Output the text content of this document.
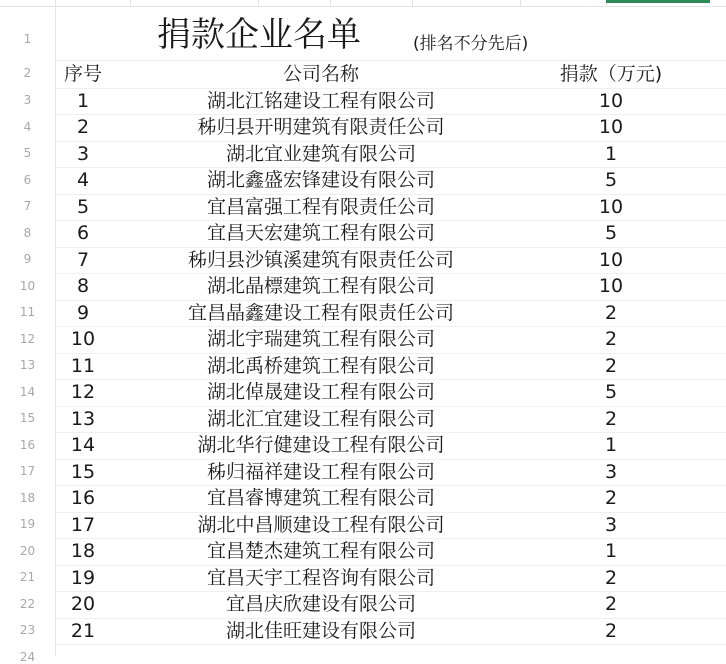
1
2
3
4
5
6
7
8
9
10
11
12
13
14
15
16
17
18
19
20
21
22
23
24
捐款企业名单	(排名不分先后)
序号	公司名称	捐款（万元)
1	湖北江铭建设工程有限公司	10
2	秭归县开明建筑有限责任公司	10
3	湖北宜业建筑有限公司	1
4	湖北鑫盛宏锋建设有限公司	5
5	宜昌富强工程有限责任公司	10
6	宜昌天宏建筑工程有限公司	5
7	秭归县沙镇溪建筑有限责任公司	10
8	湖北晶標建筑工程有限公司	10
9	宜昌晶鑫建设工程有限责任公司	2
10	湖北宇瑞建筑工程有限公司	2
11	湖北禹桥建筑工程有限公司	2
12	湖北倬晟建设工程有限公司	5
13	湖北汇宜建设工程有限公司	2
14	湖北华行健建设工程有限公司	1
15	秭归福祥建设工程有限公司	3
16	宜昌睿博建筑工程有限公司	2
17	湖北中昌顺建设工程有限公司	3
18	宜昌楚杰建筑工程有限公司	1
19	宜昌天宇工程咨询有限公司	2
20	宜昌庆欣建设有限公司	2
21	湖北佳旺建设有限公司	2
